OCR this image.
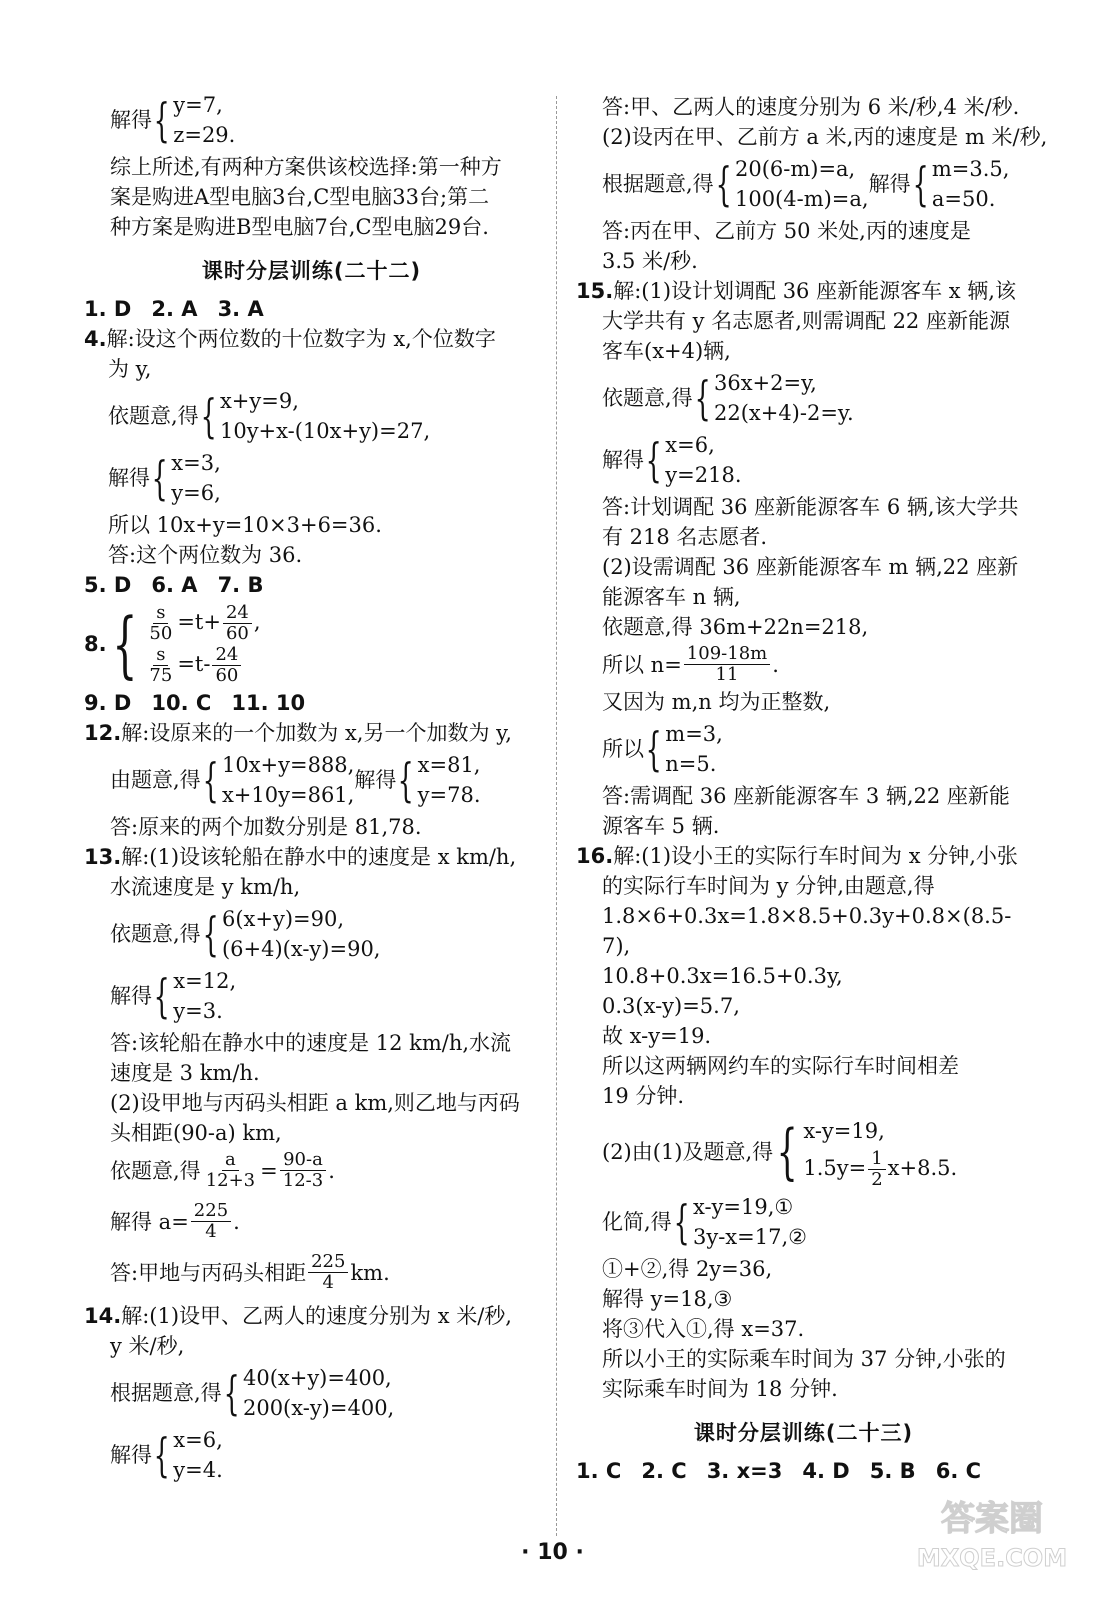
解得 { y=7,
z=29.
综上所述,有两种方案供该校选择:第一种方
案是购进A型电脑3台,C型电脑33台;第二
种方案是购进B型电脑7台,C型电脑29台.
课时分层训练(二十二)
1. D 2. A 3. A
4.解:设这个两位数的十位数字为 x,个位数字
为 y,
依题意,得 { x+y=9,
10y+x-(10x+y)=27,
解得 { x=3,
y=6,
所以 10x+y=10×3+6=36.
答:这个两位数为 36.
5. D 6. A 7. B
8. { $\frac{s}{50} =t+ \frac{24}{60}$ ,
$\frac{s}{75} =t- \frac{24}{60}$
9. D 10. C 11. 10
12.解:设原来的一个加数为 x,另一个加数为 y,
由题意,得 { 10x+y=888,
x+10y=861,
解得 { x=81,
y=78.
答:原来的两个加数分别是 81,78.
13.解:(1)设该轮船在静水中的速度是 x km/h,
水流速度是 y km/h,
依题意,得 { 6(x+y)=90,
(6+4)(x-y)=90,
解得 { x=12,
y=3.
答:该轮船在静水中的速度是 12 km/h,水流
速度是 3 km/h.
(2)设甲地与丙码头相距 a km,则乙地与丙码
头相距(90-a) km,
依题意,得 $\frac{a}{12+3} = \frac{90-a}{12-3}$ .
解得 $a= \frac{225}{4}$ .
答:甲地与丙码头相距 $\frac{225}{4}$ km.
14.解:(1)设甲、乙两人的速度分别为 x 米/秒,
y 米/秒,
根据题意,得 { 40(x+y)=400,
200(x-y)=400,
解得 { x=6,
y=4.
答:甲、乙两人的速度分别为 6 米/秒,4 米/秒.
(2)设丙在甲、乙前方 a 米,丙的速度是 m 米/秒,
根据题意,得 { 20(6-m)=a,
100(4-m)=a,
解得 { m=3.5,
a=50.
答:丙在甲、乙前方 50 米处,丙的速度是
3.5 米/秒.
15.解:(1)设计划调配 36 座新能源客车 x 辆,该
大学共有 y 名志愿者,则需调配 22 座新能源
客车(x+4)辆,
依题意,得 { 36x+2=y,
22(x+4)-2=y.
解得 { x=6,
y=218.
答:计划调配 36 座新能源客车 6 辆,该大学共
有 218 名志愿者.
(2)设需调配 36 座新能源客车 m 辆,22 座新
能源客车 n 辆,
依题意,得 36m+22n=218,
所以 $n= \frac{109-18m}{11}$ .
又因为 m,n 均为正整数,
所以 { m=3,
n=5.
答:需调配 36 座新能源客车 3 辆,22 座新能
源客车 5 辆.
16.解:(1)设小王的实际行车时间为 x 分钟,小张
的实际行车时间为 y 分钟,由题意,得
1.8×6+0.3x=1.8×8.5+0.3y+0.8×(8.5-
7),
10.8+0.3x=16.5+0.3y,
0.3(x-y)=5.7,
故 x-y=19.
所以这两辆网约车的实际行车时间相差
19 分钟.
(2)由(1)及题意,得 { x-y=19,
$1.5y= \frac{1}{2} x+8.5$.
化简,得 { x-y=19,①
3y-x=17,②
①+②,得 2y=36,
解得 y=18,③
将③代入①,得 x=37.
所以小王的实际乘车时间为 37 分钟,小张的
实际乘车时间为 18 分钟.
课时分层训练(二十三)
1. C 2. C 3. x=3 4. D 5. B 6. C
· 10 ·
答案圈
MXQE.COM
